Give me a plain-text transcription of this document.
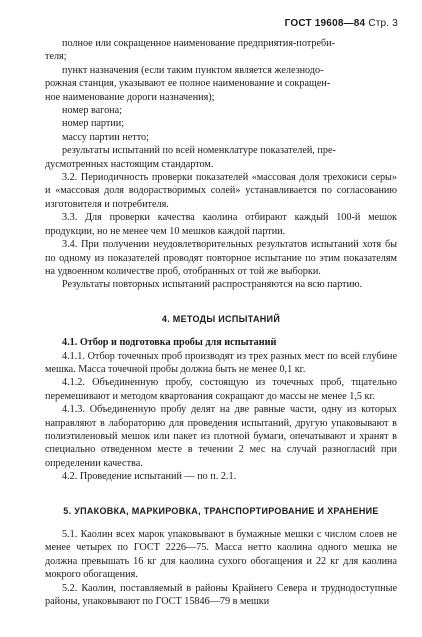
ГОСТ 19608—84 Стр. 3

полное или сокращенное наименование предприятия-потреби-

теля;

пункт назначения (если таким пунктом является железнодо-

рожная станция, указывают ее полное наименование и сокращен-

ное наименование дороги назначения);

номер вагона;

номер партии;

массу партии нетто;

результаты испытаний по всей номенклатуре показателей, пре-

дусмотренных настоящим стандартом.

3.2. Периодичность проверки показателей «массовая доля трехокиси серы» и «массовая доля водорастворимых солей» устанавливается по согласованию изготовителя и потребителя.

3.3. Для проверки качества каолина отбирают каждый 100-й мешок продукции, но не менее чем 10 мешков каждой партии.

3.4. При получении неудовлетворительных результатов испытаний хотя бы по одному из показателей проводят повторное испытание по этим показателям на удвоенном количестве проб, отобранных от той же выборки.

Результаты повторных испытаний распространяются на всю партию.

4. МЕТОДЫ ИСПЫТАНИЙ

4.1. Отбор и подготовка пробы для испытаний

4.1.1. Отбор точечных проб производят из трех разных мест по всей глубине мешка. Масса точечной пробы должна быть не менее 0,1 кг.

4.1.2. Объединенную пробу, состоящую из точечных проб, тщательно перемешивают и методом квартования сокращают до массы не менее 1,5 кг.

4.1.3. Объединенную пробу делят на две равные части, одну из которых направляют в лабораторию для проведения испытаний, другую упаковывают в полиэтиленовый мешок или пакет из плотной бумаги, опечатывают и хранят в специально отведенном месте в течении 2 мес на случай разногласий при определении качества.

4.2. Проведение испытаний — по п. 2.1.

5. УПАКОВКА, МАРКИРОВКА, ТРАНСПОРТИРОВАНИЕ И ХРАНЕНИЕ

5.1. Каолин всех марок упаковывают в бумажные мешки с числом слоев не менее четырех по ГОСТ 2226—75. Масса нетто каолина одного мешка не должна превышать 16 кг для каолина сухого обогащения и 22 кг для каолина мокрого обогащения.

5.2. Каолин, поставляемый в районы Крайнего Севера и труднодоступные районы, упаковывают по ГОСТ 15846—79 в мешки
